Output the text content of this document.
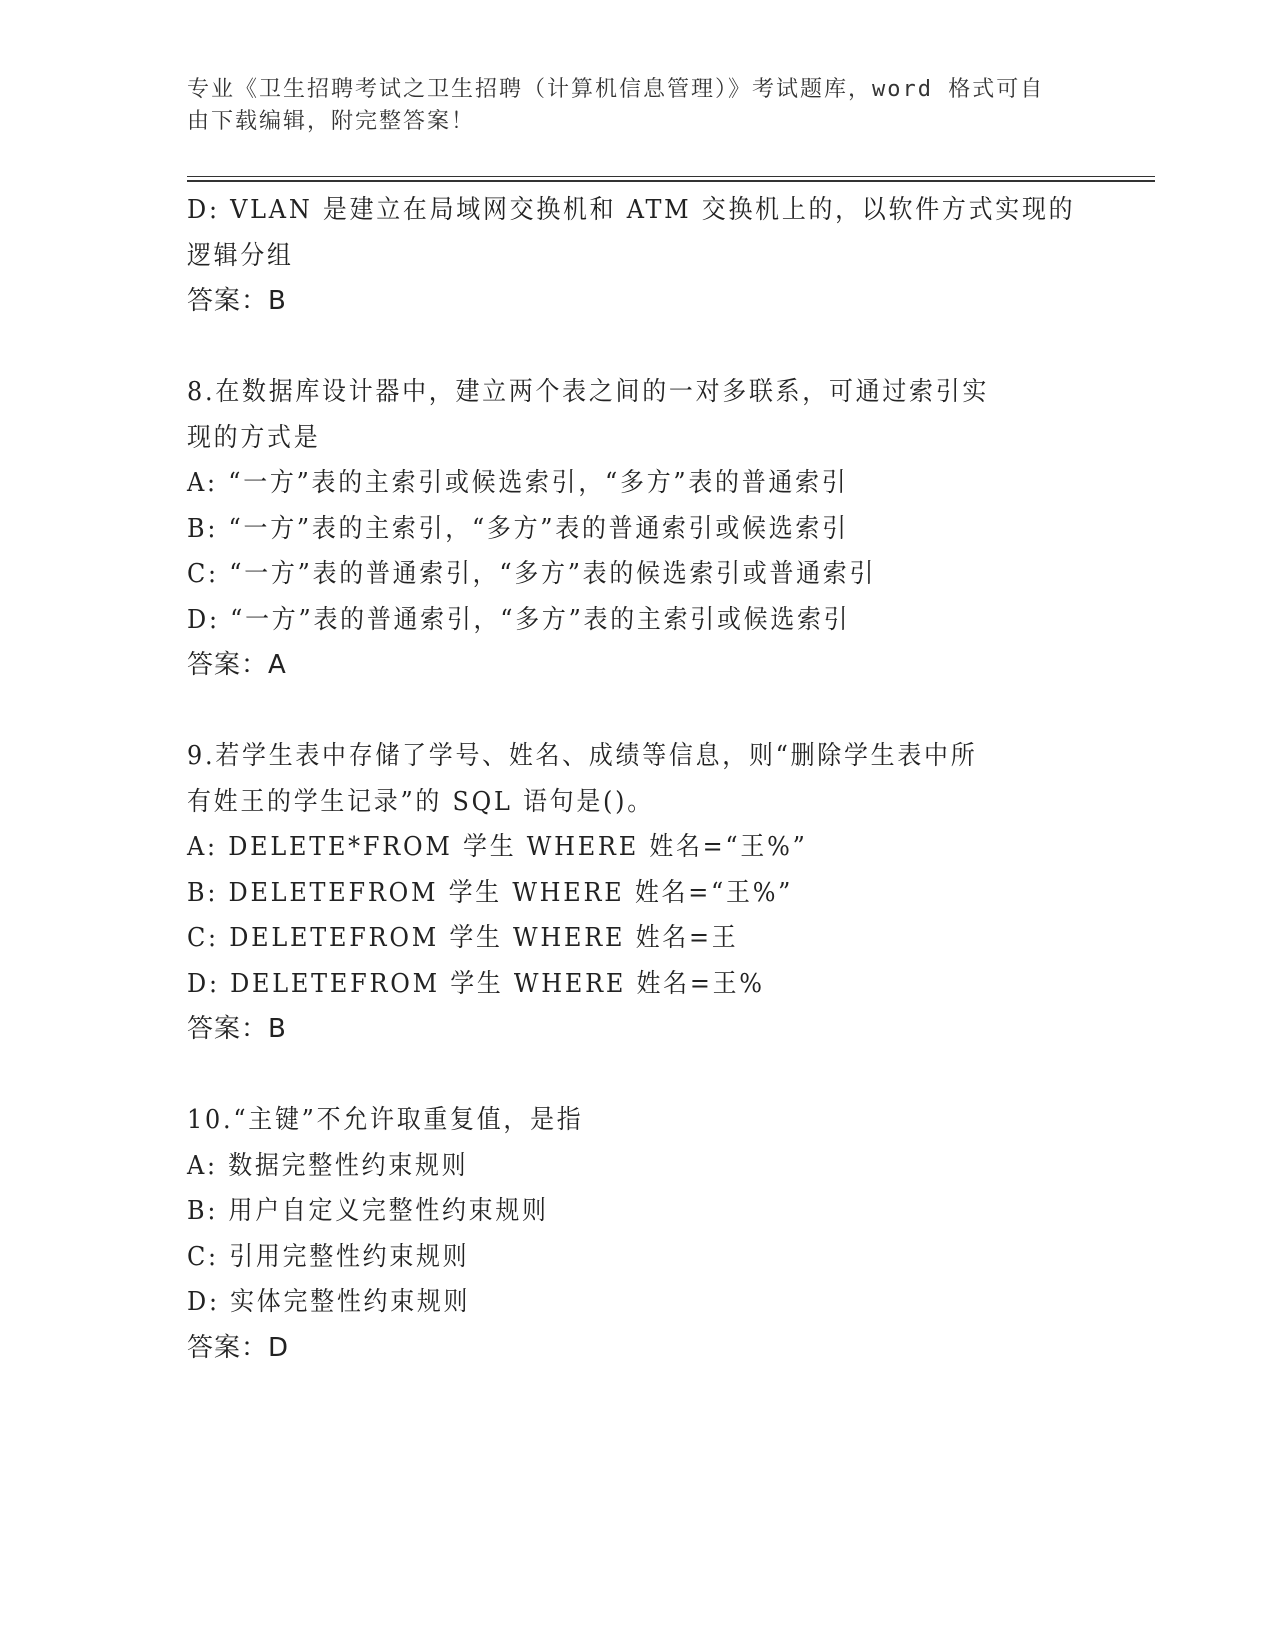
专业《卫生招聘考试之卫生招聘（计算机信息管理）》考试题库，word 格式可自
由下载编辑，附完整答案！
D: VLAN 是建立在局域网交换机和 ATM 交换机上的，以软件方式实现的
逻辑分组
答案：B
8.在数据库设计器中，建立两个表之间的一对多联系，可通过索引实
现的方式是
A: “一方”表的主索引或候选索引，“多方”表的普通索引
B: “一方”表的主索引，“多方”表的普通索引或候选索引
C: “一方”表的普通索引，“多方”表的候选索引或普通索引
D: “一方”表的普通索引，“多方”表的主索引或候选索引
答案：A
9.若学生表中存储了学号、姓名、成绩等信息，则“删除学生表中所
有姓王的学生记录”的 SQL 语句是()。
A: DELETE*FROM 学生 WHERE 姓名=“王%”
B: DELETEFROM 学生 WHERE 姓名=“王%”
C: DELETEFROM 学生 WHERE 姓名=王
D: DELETEFROM 学生 WHERE 姓名=王%
答案：B
10.“主键”不允许取重复值，是指
A: 数据完整性约束规则
B: 用户自定义完整性约束规则
C: 引用完整性约束规则
D: 实体完整性约束规则
答案：D
